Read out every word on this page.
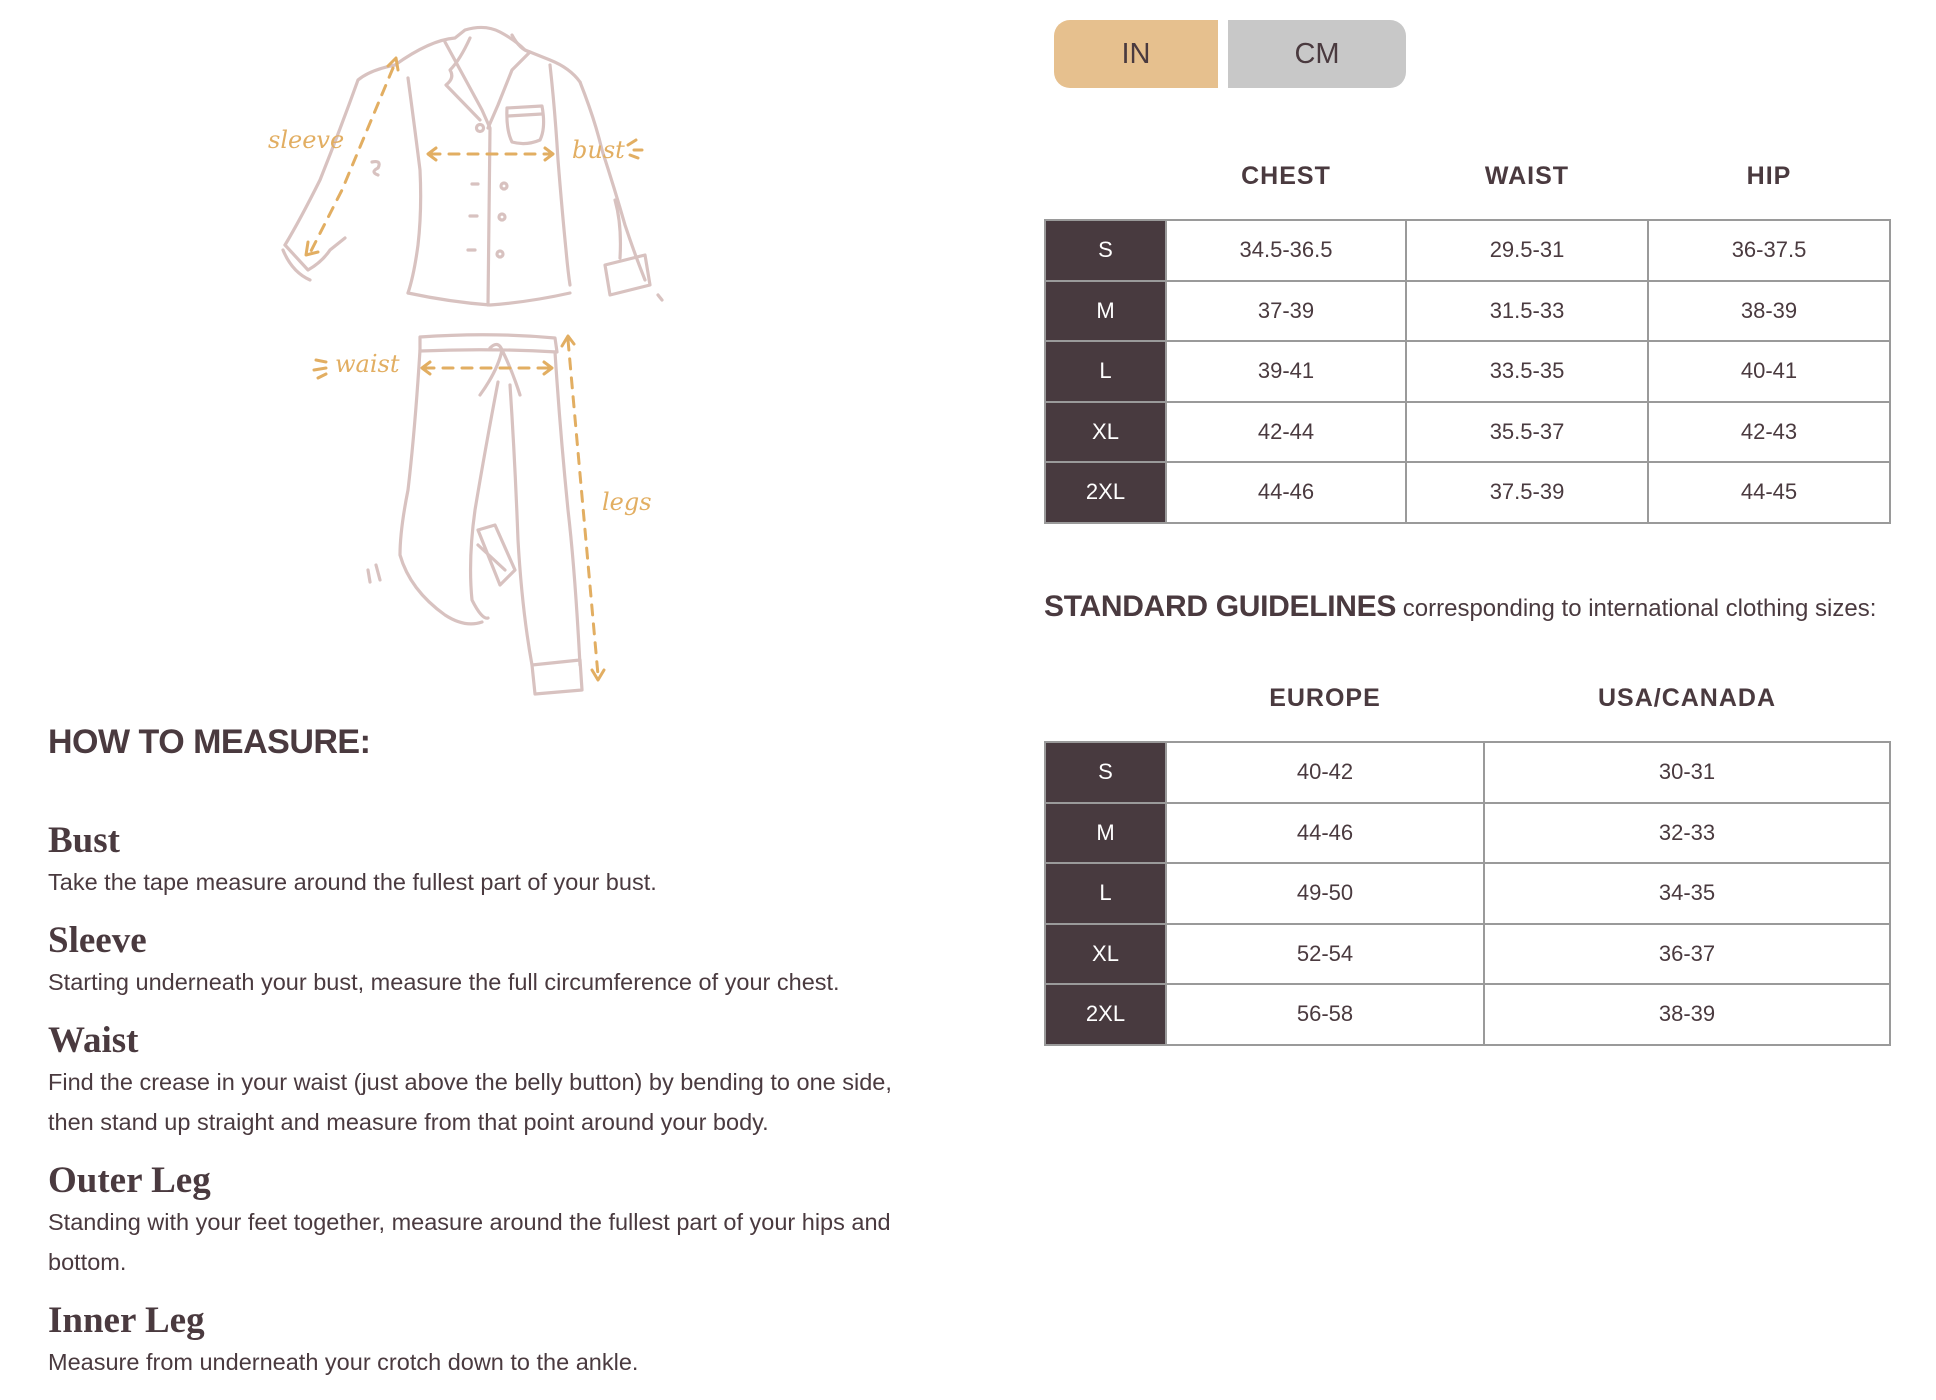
sleeve	bust
waist
legs
HOW TO MEASURE:
Bust
Take the tape measure around the fullest part of your bust.
Sleeve
Starting underneath your bust, measure the full circumference of your chest.
Waist
Find the crease in your waist (just above the belly button) by bending to one side, then stand up straight and measure from that point around your body.
Outer Leg
Standing with your feet together, measure around the fullest part of your hips and bottom.
Inner Leg
Measure from underneath your crotch down to the ankle.
IN	CM
	CHEST	WAIST	HIP
S	34.5-36.5	29.5-31	36-37.5
M	37-39	31.5-33	38-39
L	39-41	33.5-35	40-41
XL	42-44	35.5-37	42-43
2XL	44-46	37.5-39	44-45
STANDARD GUIDELINES corresponding to international clothing sizes:
	EUROPE	USA/CANADA
S	40-42	30-31
M	44-46	32-33
L	49-50	34-35
XL	52-54	36-37
2XL	56-58	38-39
